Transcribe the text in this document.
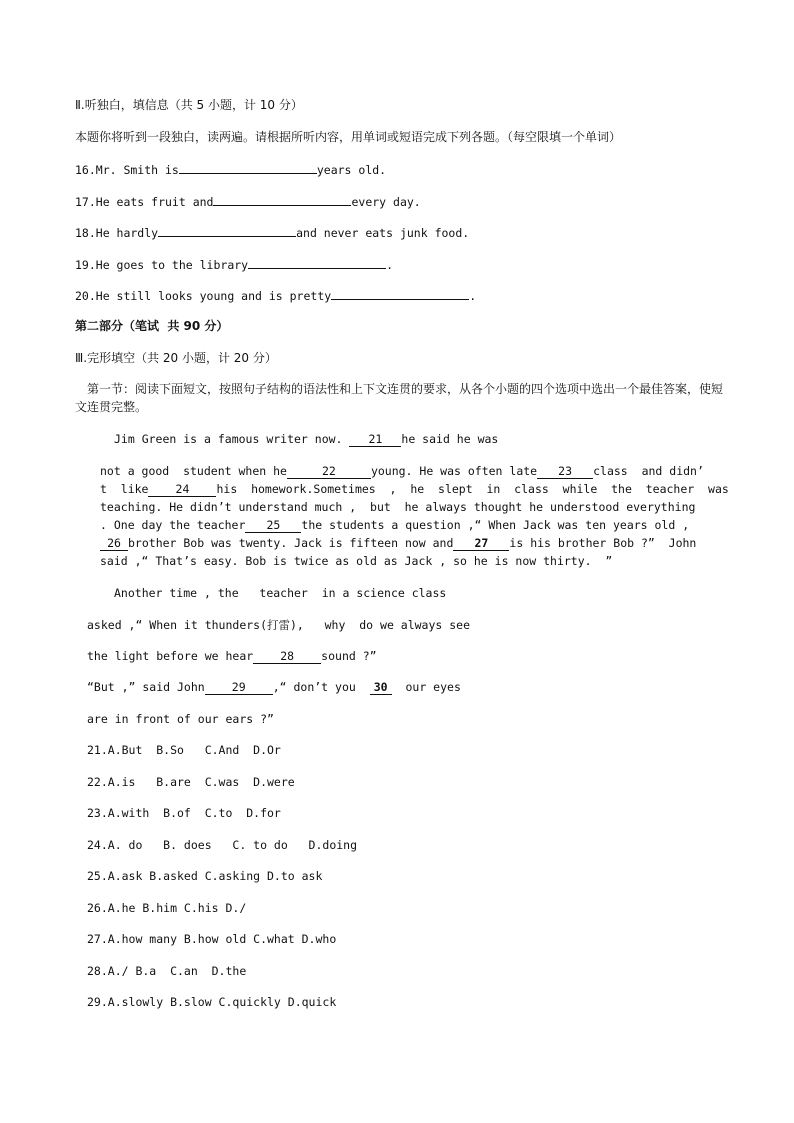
Ⅱ.听独白，填信息（共 5 小题，计 10 分）
本题你将听到一段独白，读两遍。请根据所听内容，用单词或短语完成下列各题。（每空限填一个单词）
16.Mr. Smith is	years old.
17.He eats fruit and	every day.
18.He hardly	and never eats junk food.
19.He goes to the library	.
20.He still looks young and is pretty	.
第二部分（笔试  共 90 分）
Ⅲ.完形填空（共 20 小题，计 20 分）
第一节：阅读下面短文，按照句子结构的语法性和上下文连贯的要求，从各个小题的四个选项中选出一个最佳答案，使短文连贯完整。
Jim Green is a famous writer now. 21 he said he was
not a good  student when he	22	young. He was often late 23 class  and didn’
t  like 24 his  homework.Sometimes  ,  he  slept  in  class  while  the  teacher  was
teaching. He didn’t understand much ,  but  he always thought he understood everything
. One day the teacher 25 the students a question ,“ When Jack was ten years old ,
26 brother Bob was twenty. Jack is fifteen now and 27 is his brother Bob ?”  John
said ,“ That’s easy. Bob is twice as old as Jack , so he is now thirty.  ”
Another time , the   teacher  in a science class
asked ,“ When it thunders(打雷),   why  do we always see
the light before we hear 28 sound ?”
“But ,” said John 29 ,“ don’t you  30  our eyes
are in front of our ears ?”
21.A.But  B.So   C.And  D.Or
22.A.is   B.are  C.was  D.were
23.A.with  B.of  C.to  D.for
24.A. do   B. does   C. to do   D.doing
25.A.ask B.asked C.asking D.to ask
26.A.he B.him C.his D./
27.A.how many B.how old C.what D.who
28.A./ B.a  C.an  D.the
29.A.slowly B.slow C.quickly D.quick
